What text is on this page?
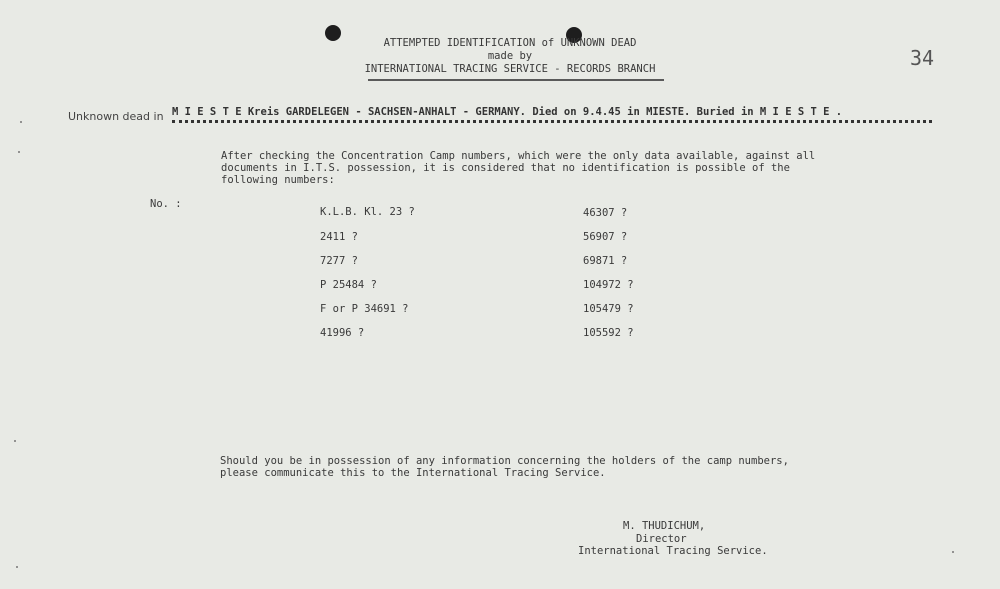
ATTEMPTED IDENTIFICATION of UNKNOWN DEAD
made by
INTERNATIONAL TRACING SERVICE - RECORDS BRANCH	34
Unknown dead in M I E S T E Kreis GARDELEGEN - SACHSEN-ANHALT - GERMANY. Died on 9.4.45 in MIESTE. Buried in M I E S T E .
After checking the Concentration Camp numbers, which were the only data available, against all
documents in I.T.S. possession, it is considered that no identification is possible of the
following numbers:
No. :
K.L.B. Kl. 23 ?
2411 ?
7277 ?
P 25484 ?
F or P 34691 ?
41996 ?
46307 ?
56907 ?
69871 ?
104972 ?
105479 ?
105592 ?
Should you be in possession of any information concerning the holders of the camp numbers,
please communicate this to the International Tracing Service.
M. THUDICHUM,
Director
International Tracing Service.
